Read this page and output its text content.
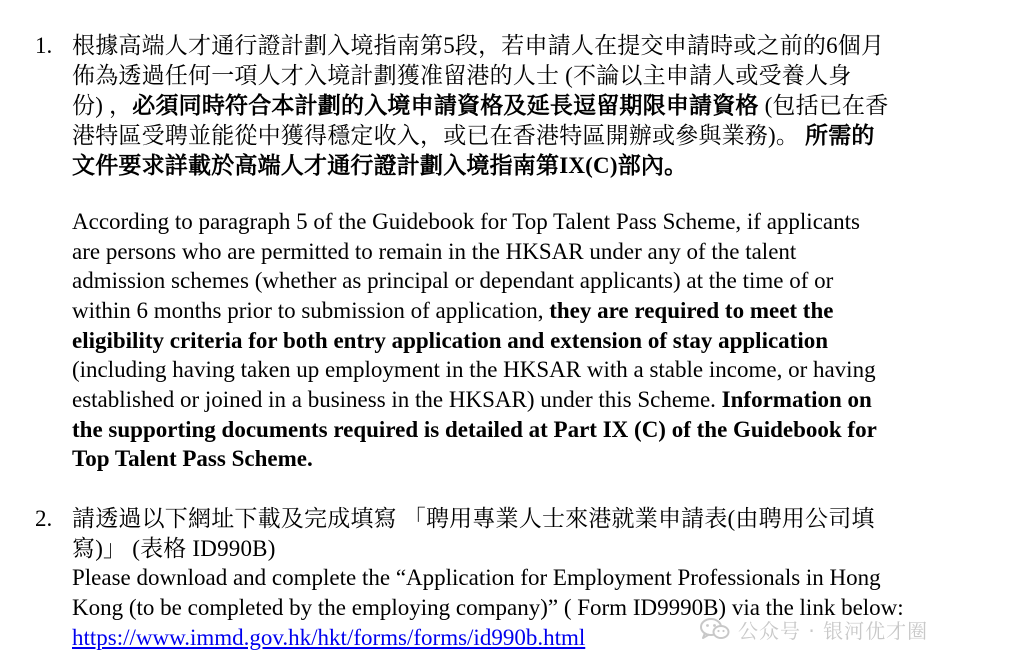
1. 根據高端人才通行證計劃入境指南第5段，若申請人在提交申請時或之前的6個月
佈為透過任何一項人才入境計劃獲准留港的人士 (不論以主申請人或受養人身
份) ，必須同時符合本計劃的入境申請資格及延長逗留期限申請資格 (包括已在香
港特區受聘並能從中獲得穩定收入，或已在香港特區開辦或參與業務)。 所需的
文件要求詳載於高端人才通行證計劃入境指南第IX(C)部內。
According to paragraph 5 of the Guidebook for Top Talent Pass Scheme, if applicants
are persons who are permitted to remain in the HKSAR under any of the talent
admission schemes (whether as principal or dependant applicants) at the time of or
within 6 months prior to submission of application, they are required to meet the
eligibility criteria for both entry application and extension of stay application
(including having taken up employment in the HKSAR with a stable income, or having
established or joined in a business in the HKSAR) under this Scheme. Information on
the supporting documents required is detailed at Part IX (C) of the Guidebook for
Top Talent Pass Scheme.
2. 請透過以下網址下載及完成填寫 「聘用專業人士來港就業申請表(由聘用公司填
寫)」 (表格 ID990B)
Please download and complete the “Application for Employment Professionals in Hong
Kong (to be completed by the employing company)” ( Form ID9990B) via the link below:
https://www.immd.gov.hk/hkt/forms/forms/id990b.html	公众号 · 银河优才圈
